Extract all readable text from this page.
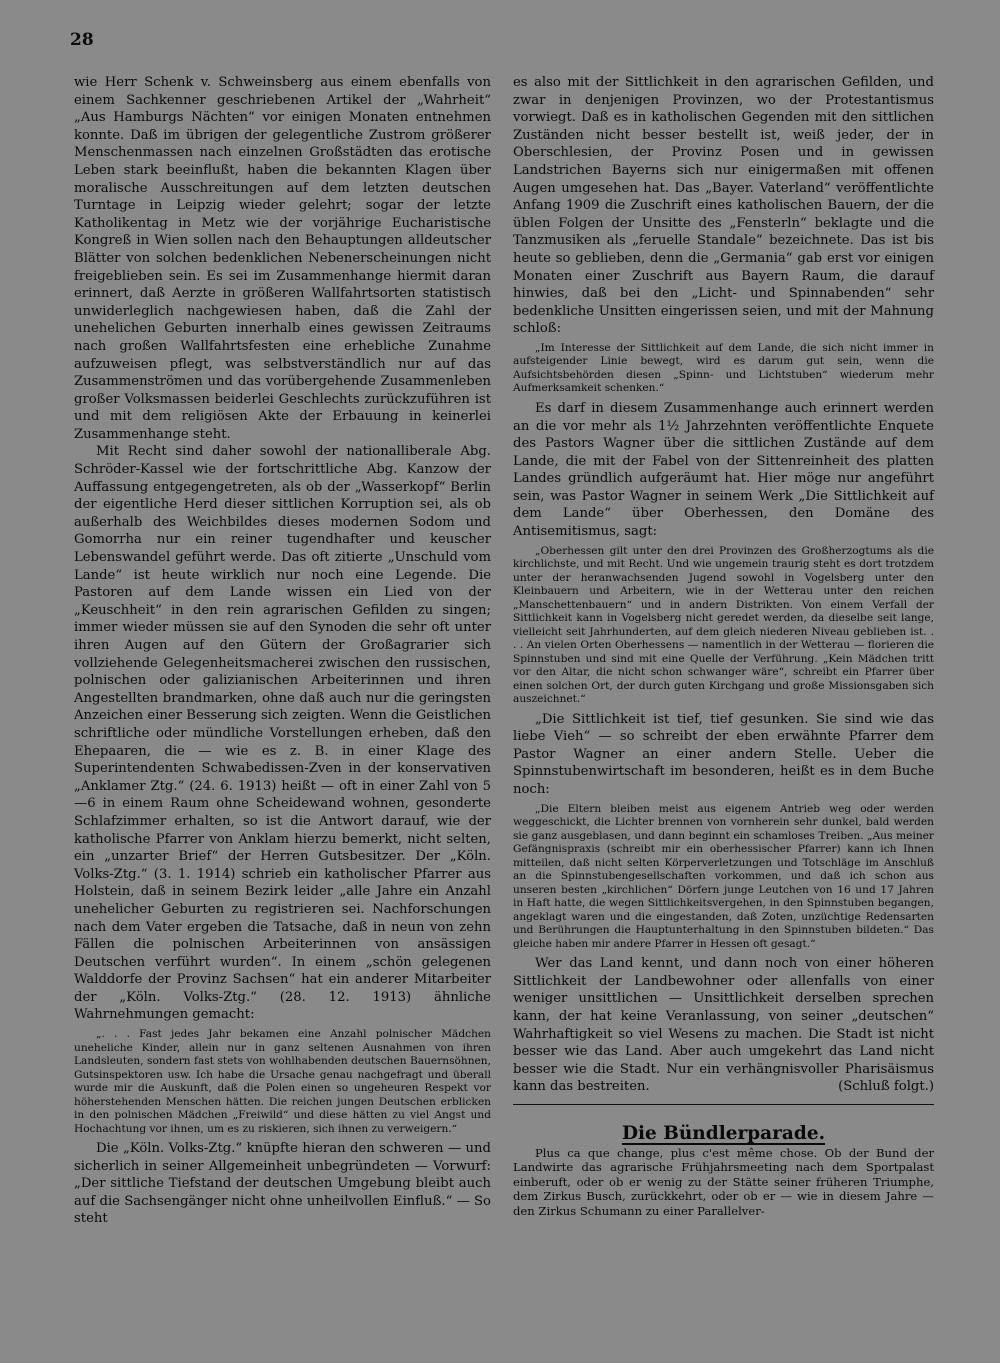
28

wie Herr Schenk v. Schweinsberg aus einem ebenfalls von einem Sachkenner geschriebenen Artikel der „Wahrheit“ „Aus Hamburgs Nächten“ vor einigen Monaten entnehmen konnte. Daß im übrigen der gelegentliche Zustrom größerer Menschenmassen nach einzelnen Großstädten das erotische Leben stark beeinflußt, haben die bekannten Klagen über moralische Ausschreitungen auf dem letzten deutschen Turntage in Leipzig wieder gelehrt; sogar der letzte Katholikentag in Metz wie der vorjährige Eucharistische Kongreß in Wien sollen nach den Behauptungen alldeutscher Blätter von solchen bedenklichen Nebenerscheinungen nicht freigeblieben sein. Es sei im Zusammenhange hiermit daran erinnert, daß Aerzte in größeren Wallfahrtsorten statistisch unwiderleglich nachgewiesen haben, daß die Zahl der unehelichen Geburten innerhalb eines gewissen Zeitraums nach großen Wallfahrtsfesten eine erhebliche Zunahme aufzuweisen pflegt, was selbstverständlich nur auf das Zusammenströmen und das vorübergehende Zusammenleben großer Volksmassen beiderlei Geschlechts zurückzuführen ist und mit dem religiösen Akte der Erbauung in keinerlei Zusammenhange steht.

Mit Recht sind daher sowohl der nationalliberale Abg. Schröder-Kassel wie der fortschrittliche Abg. Kanzow der Auffassung entgegengetreten, als ob der „Wasserkopf“ Berlin der eigentliche Herd dieser sittlichen Korruption sei, als ob außerhalb des Weichbildes dieses modernen Sodom und Gomorrha nur ein reiner tugendhafter und keuscher Lebenswandel geführt werde. Das oft zitierte „Unschuld vom Lande“ ist heute wirklich nur noch eine Legende. Die Pastoren auf dem Lande wissen ein Lied von der „Keuschheit“ in den rein agrarischen Gefilden zu singen; immer wieder müssen sie auf den Synoden die sehr oft unter ihren Augen auf den Gütern der Großagrarier sich vollziehende Gelegenheitsmacherei zwischen den russischen, polnischen oder galizianischen Arbeiterinnen und ihren Angestellten brandmarken, ohne daß auch nur die geringsten Anzeichen einer Besserung sich zeigten. Wenn die Geistlichen schriftliche oder mündliche Vorstellungen erheben, daß den Ehepaaren, die — wie es z. B. in einer Klage des Superintendenten Schwabedissen-Zven in der konservativen „Anklamer Ztg.“ (24. 6. 1913) heißt — oft in einer Zahl von 5—6 in einem Raum ohne Scheidewand wohnen, gesonderte Schlafzimmer erhalten, so ist die Antwort darauf, wie der katholische Pfarrer von Anklam hierzu bemerkt, nicht selten, ein „unzarter Brief“ der Herren Gutsbesitzer. Der „Köln. Volks-Ztg.“ (3. 1. 1914) schrieb ein katholischer Pfarrer aus Holstein, daß in seinem Bezirk leider „alle Jahre ein Anzahl unehelicher Geburten zu registrieren sei. Nachforschungen nach dem Vater ergeben die Tatsache, daß in neun von zehn Fällen die polnischen Arbeiterinnen von ansässigen Deutschen verführt wurden“. In einem „schön gelegenen Walddorfe der Provinz Sachsen“ hat ein anderer Mitarbeiter der „Köln. Volks-Ztg.“ (28. 12. 1913) ähnliche Wahrnehmungen gemacht:

„. . . Fast jedes Jahr bekamen eine Anzahl polnischer Mädchen uneheliche Kinder, allein nur in ganz seltenen Ausnahmen von ihren Landsleuten, sondern fast stets von wohlhabenden deutschen Bauernsöhnen, Gutsinspektoren usw. Ich habe die Ursache genau nachgefragt und überall wurde mir die Auskunft, daß die Polen einen so ungeheuren Respekt vor höherstehenden Menschen hätten. Die reichen jungen Deutschen erblicken in den polnischen Mädchen „Freiwild“ und diese hätten zu viel Angst und Hochachtung vor ihnen, um es zu riskieren, sich ihnen zu verweigern.“

Die „Köln. Volks-Ztg.“ knüpfte hieran den schweren — und sicherlich in seiner Allgemeinheit unbegründeten — Vorwurf: „Der sittliche Tiefstand der deutschen Umgebung bleibt auch auf die Sachsengänger nicht ohne unheilvollen Einfluß.“ — So steht

es also mit der Sittlichkeit in den agrarischen Gefilden, und zwar in denjenigen Provinzen, wo der Protestantismus vorwiegt. Daß es in katholischen Gegenden mit den sittlichen Zuständen nicht besser bestellt ist, weiß jeder, der in Oberschlesien, der Provinz Posen und in gewissen Landstrichen Bayerns sich nur einigermaßen mit offenen Augen umgesehen hat. Das „Bayer. Vaterland“ veröffentlichte Anfang 1909 die Zuschrift eines katholischen Bauern, der die üblen Folgen der Unsitte des „Fensterln“ beklagte und die Tanzmusiken als „feruelle Standale“ bezeichnete. Das ist bis heute so geblieben, denn die „Germania“ gab erst vor einigen Monaten einer Zuschrift aus Bayern Raum, die darauf hinwies, daß bei den „Licht- und Spinnabenden“ sehr bedenkliche Unsitten eingerissen seien, und mit der Mahnung schloß:

„Im Interesse der Sittlichkeit auf dem Lande, die sich nicht immer in aufsteigender Linie bewegt, wird es darum gut sein, wenn die Aufsichtsbehörden diesen „Spinn- und Lichtstuben“ wiederum mehr Aufmerksamkeit schenken.“

Es darf in diesem Zusammenhange auch erinnert werden an die vor mehr als 1½ Jahrzehnten veröffentlichte Enquete des Pastors Wagner über die sittlichen Zustände auf dem Lande, die mit der Fabel von der Sittenreinheit des platten Landes gründlich aufgeräumt hat. Hier möge nur angeführt sein, was Pastor Wagner in seinem Werk „Die Sittlichkeit auf dem Lande“ über Oberhessen, den Domäne des Antisemitismus, sagt:

„Oberhessen gilt unter den drei Provinzen des Großherzogtums als die kirchlichste, und mit Recht. Und wie ungemein traurig steht es dort trotzdem unter der heranwachsenden Jugend sowohl in Vogelsberg unter den Kleinbauern und Arbeitern, wie in der Wetterau unter den reichen „Manschettenbauern“ und in andern Distrikten. Von einem Verfall der Sittlichkeit kann in Vogelsberg nicht geredet werden, da dieselbe seit lange, vielleicht seit Jahrhunderten, auf dem gleich niederen Niveau geblieben ist. . . . An vielen Orten Oberhessens — namentlich in der Wetterau — florieren die Spinnstuben und sind mit eine Quelle der Verführung. „Kein Mädchen tritt vor den Altar, die nicht schon schwanger wäre“, schreibt ein Pfarrer über einen solchen Ort, der durch guten Kirchgang und große Missionsgaben sich auszeichnet.“

„Die Sittlichkeit ist tief, tief gesunken. Sie sind wie das liebe Vieh“ — so schreibt der eben erwähnte Pfarrer dem Pastor Wagner an einer andern Stelle. Ueber die Spinnstubenwirtschaft im besonderen, heißt es in dem Buche noch:

„Die Eltern bleiben meist aus eigenem Antrieb weg oder werden weggeschickt, die Lichter brennen von vornherein sehr dunkel, bald werden sie ganz ausgeblasen, und dann beginnt ein schamloses Treiben. „Aus meiner Gefängnispraxis (schreibt mir ein oberhessischer Pfarrer) kann ich Ihnen mitteilen, daß nicht selten Körperverletzungen und Totschläge im Anschluß an die Spinnstubengesellschaften vorkommen, und daß ich schon aus unseren besten „kirchlichen“ Dörfern junge Leutchen von 16 und 17 Jahren in Haft hatte, die wegen Sittlichkeitsvergehen, in den Spinnstuben begangen, angeklagt waren und die eingestanden, daß Zoten, unzüchtige Redensarten und Berührungen die Hauptunterhaltung in den Spinnstuben bildeten.“ Das gleiche haben mir andere Pfarrer in Hessen oft gesagt.“

Wer das Land kennt, und dann noch von einer höheren Sittlichkeit der Landbewohner oder allenfalls von einer weniger unsittlichen — Unsittlichkeit derselben sprechen kann, der hat keine Veranlassung, von seiner „deutschen“ Wahrhaftigkeit so viel Wesens zu machen. Die Stadt ist nicht besser wie das Land. Aber auch umgekehrt das Land nicht besser wie die Stadt. Nur ein verhängnisvoller Pharisäismus kann das bestreiten.	(Schluß folgt.)

Die Bündlerparade.

Plus ca que change, plus c'est même chose. Ob der Bund der Landwirte das agrarische Frühjahrsmeeting nach dem Sportpalast einberuft, oder ob er wenig zu der Stätte seiner früheren Triumphe, dem Zirkus Busch, zurückkehrt, oder ob er — wie in diesem Jahre — den Zirkus Schumann zu einer Parallelver-
